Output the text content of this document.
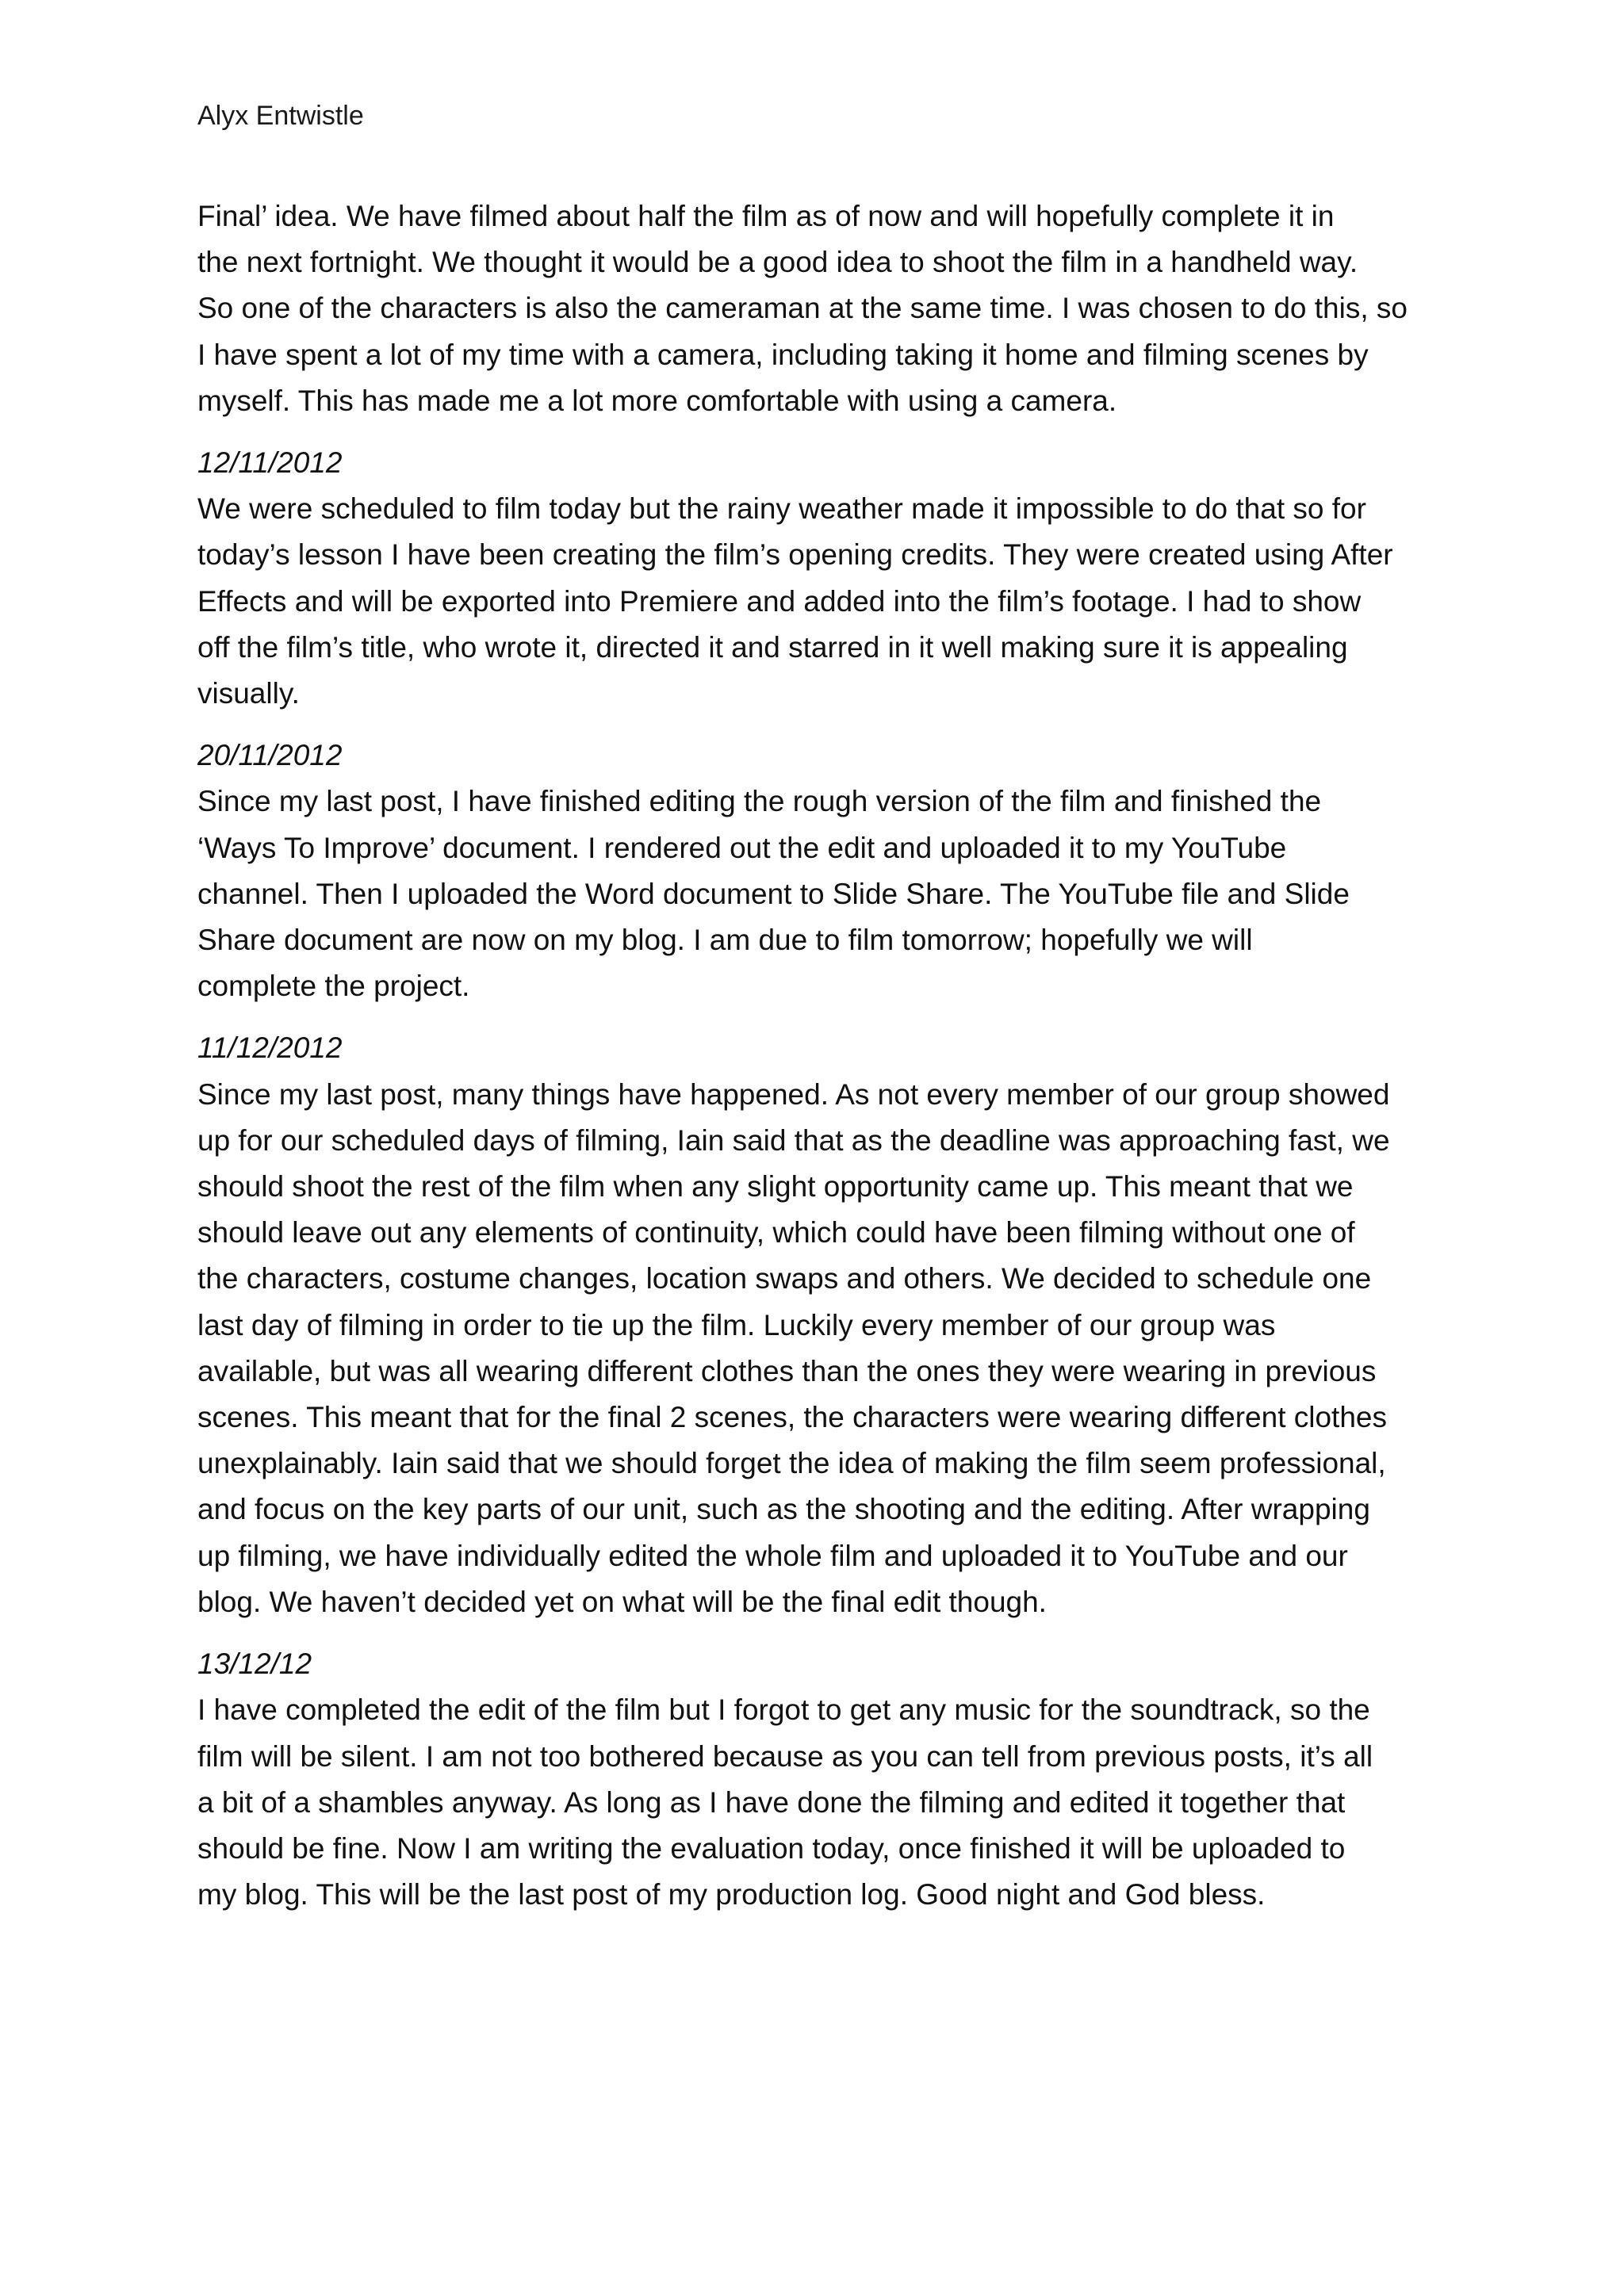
Alyx Entwistle

Final’ idea. We have filmed about half the film as of now and will hopefully complete it in
the next fortnight. We thought it would be a good idea to shoot the film in a handheld way.
So one of the characters is also the cameraman at the same time. I was chosen to do this, so
I have spent a lot of my time with a camera, including taking it home and filming scenes by
myself. This has made me a lot more comfortable with using a camera.

12/11/2012

We were scheduled to film today but the rainy weather made it impossible to do that so for
today’s lesson I have been creating the film’s opening credits. They were created using After
Effects and will be exported into Premiere and added into the film’s footage. I had to show
off the film’s title, who wrote it, directed it and starred in it well making sure it is appealing
visually.

20/11/2012

Since my last post, I have finished editing the rough version of the film and finished the
‘Ways To Improve’ document. I rendered out the edit and uploaded it to my YouTube
channel. Then I uploaded the Word document to Slide Share. The YouTube file and Slide
Share document are now on my blog. I am due to film tomorrow; hopefully we will
complete the project.

11/12/2012

Since my last post, many things have happened. As not every member of our group showed
up for our scheduled days of filming, Iain said that as the deadline was approaching fast, we
should shoot the rest of the film when any slight opportunity came up. This meant that we
should leave out any elements of continuity, which could have been filming without one of
the characters, costume changes, location swaps and others. We decided to schedule one
last day of filming in order to tie up the film. Luckily every member of our group was
available, but was all wearing different clothes than the ones they were wearing in previous
scenes. This meant that for the final 2 scenes, the characters were wearing different clothes
unexplainably. Iain said that we should forget the idea of making the film seem professional,
and focus on the key parts of our unit, such as the shooting and the editing. After wrapping
up filming, we have individually edited the whole film and uploaded it to YouTube and our
blog. We haven’t decided yet on what will be the final edit though.

13/12/12

I have completed the edit of the film but I forgot to get any music for the soundtrack, so the
film will be silent. I am not too bothered because as you can tell from previous posts, it’s all
a bit of a shambles anyway. As long as I have done the filming and edited it together that
should be fine. Now I am writing the evaluation today, once finished it will be uploaded to
my blog. This will be the last post of my production log. Good night and God bless.
